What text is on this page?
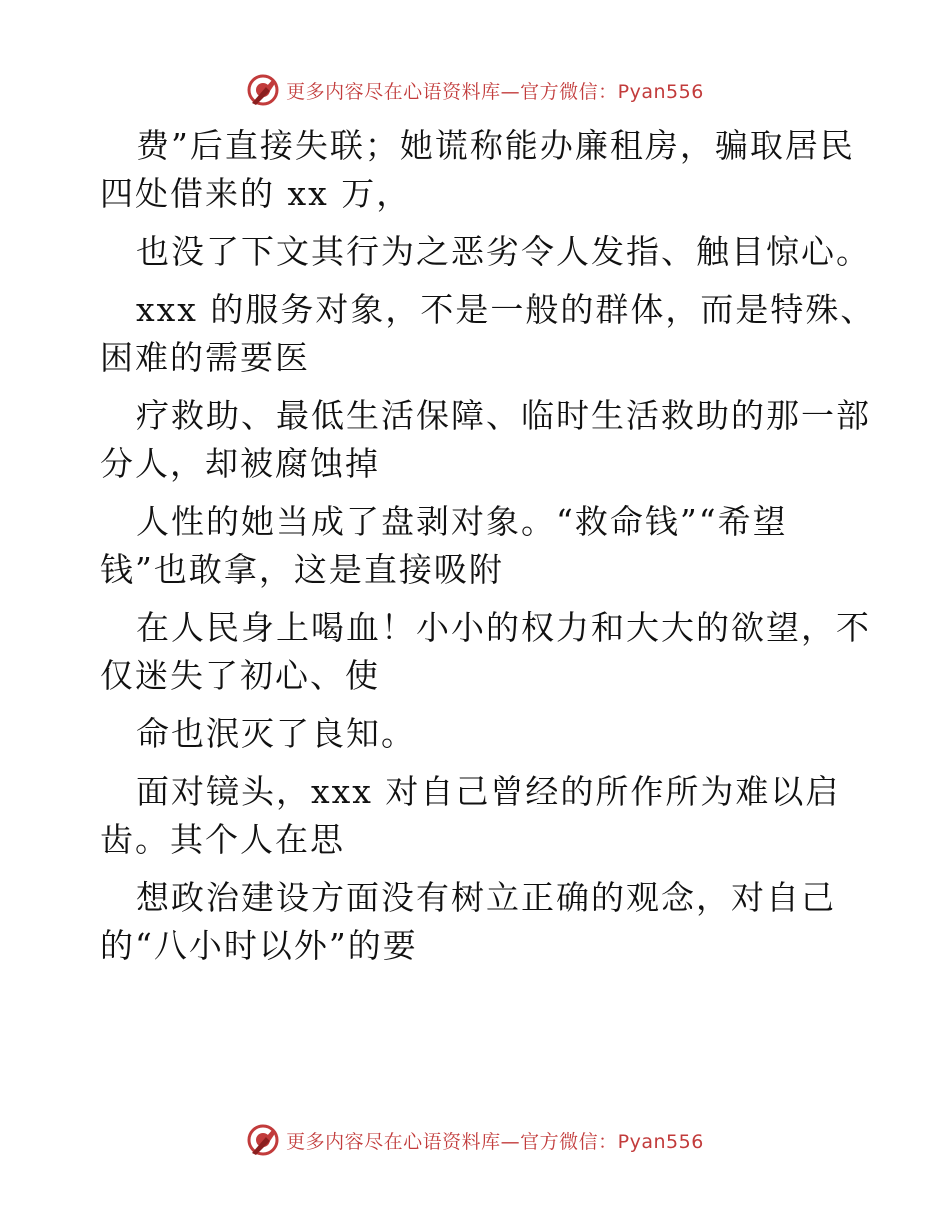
更多内容尽在心语资料库—官方微信：Pyan556
费”后直接失联；她谎称能办廉租房，骗取居民
四处借来的 xx 万，
也没了下文其行为之恶劣令人发指、触目惊心。
xxx 的服务对象，不是一般的群体，而是特殊、
困难的需要医
疗救助、最低生活保障、临时生活救助的那一部
分人，却被腐蚀掉
人性的她当成了盘剥对象。“救命钱”“希望
钱”也敢拿，这是直接吸附
在人民身上喝血！小小的权力和大大的欲望，不
仅迷失了初心、使
命也泯灭了良知。
面对镜头，xxx 对自己曾经的所作所为难以启
齿。其个人在思
想政治建设方面没有树立正确的观念，对自己
的“八小时以外”的要
更多内容尽在心语资料库—官方微信：Pyan556
